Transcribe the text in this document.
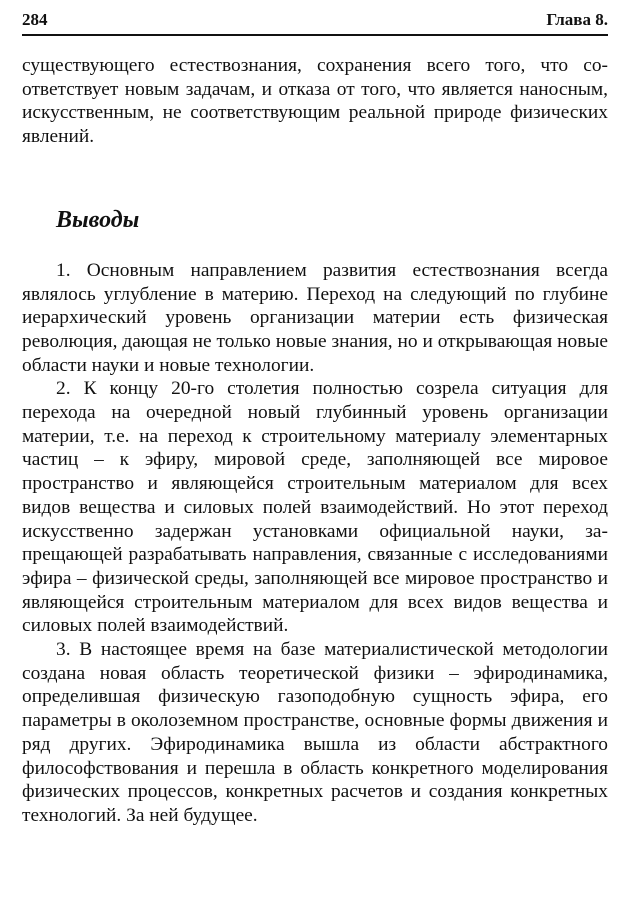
284	Глава 8.

существующего естествознания, сохранения всего того, что соответствует новым задачам, и отказа от того, что является наносным, искусственным, не соответствующим реальной природе физических явлений.

Выводы

1. Основным направлением развития естествознания всегда являлось углубление в материю. Переход на следующий по глубине иерархический уровень организации материи есть физическая революция, дающая не только новые знания, но и открывающая новые области науки и новые технологии.

2. К концу 20-го столетия полностью созрела ситуация для перехода на очередной новый глубинный уровень организации материи, т.е. на переход к строительному материалу элементарных частиц – к эфиру, мировой среде, заполняющей все мировое пространство и являющейся строительным материалом для всех видов вещества и силовых полей взаимодействий. Но этот переход искусственно задержан установками официальной науки, запрещающей разрабатывать направления, связанные с исследованиями эфира – физической среды, заполняющей все мировое пространство и являющейся строительным материалом для всех видов вещества и силовых полей взаимодействий.

3. В настоящее время на базе материалистической методологии создана новая область теоретической физики – эфиродинамика, определившая физическую газоподобную сущность эфира, его параметры в околоземном пространстве, основные формы движения и ряд других. Эфиродинамика вышла из области абстрактного философствования и перешла в область конкретного моделирования физических процессов, конкретных расчетов и создания конкретных технологий. За ней будущее.
